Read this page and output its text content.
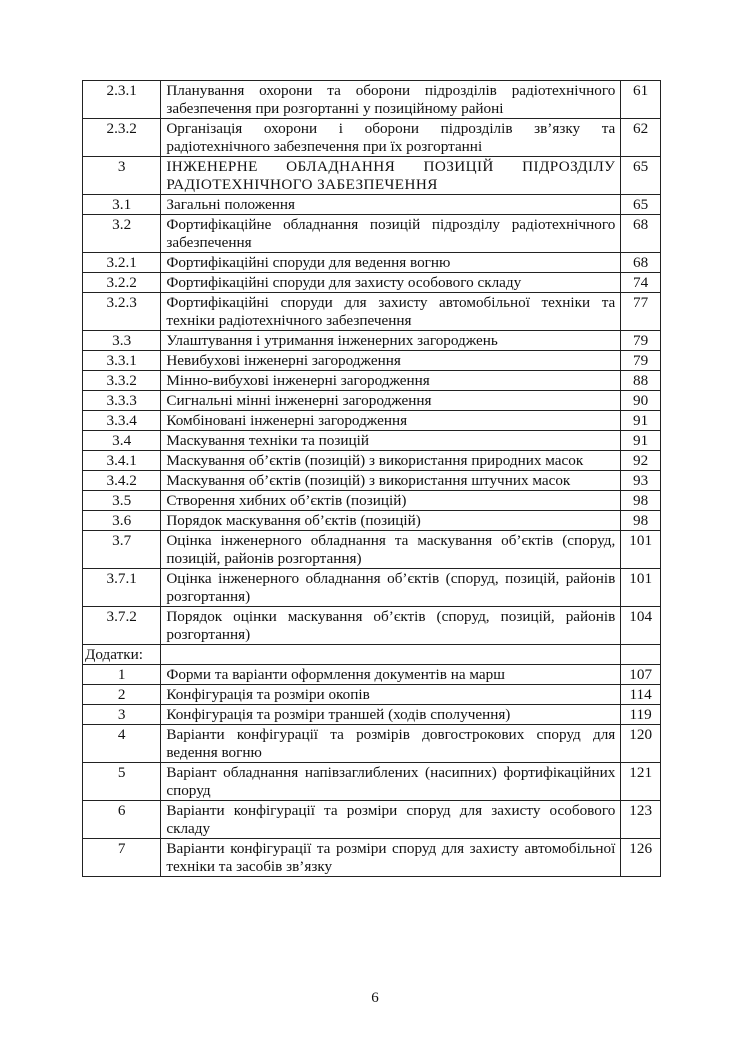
2.3.1	Планування охорони та оборони підрозділів радіотехнічного забезпечення при розгортанні у позиційному районі	61
2.3.2	Організація охорони і оборони підрозділів зв’язку та радіотехнічного забезпечення при їх розгортанні	62
3	ІНЖЕНЕРНЕ ОБЛАДНАННЯ ПОЗИЦІЙ ПІДРОЗДІЛУ РАДІОТЕХНІЧНОГО ЗАБЕЗПЕЧЕННЯ	65
3.1	Загальні положення	65
3.2	Фортифікаційне обладнання позицій підрозділу радіотехнічного забезпечення	68
3.2.1	Фортифікаційні споруди для ведення вогню	68
3.2.2	Фортифікаційні споруди для захисту особового складу	74
3.2.3	Фортифікаційні споруди для захисту автомобільної техніки та техніки радіотехнічного забезпечення	77
3.3	Улаштування і утримання інженерних загороджень	79
3.3.1	Невибухові інженерні загородження	79
3.3.2	Мінно-вибухові інженерні загородження	88
3.3.3	Сигнальні мінні інженерні загородження	90
3.3.4	Комбіновані інженерні загородження	91
3.4	Маскування техніки та позицій	91
3.4.1	Маскування об’єктів (позицій) з використання природних масок	92
3.4.2	Маскування об’єктів (позицій) з використання штучних масок	93
3.5	Створення хибних об’єктів (позицій)	98
3.6	Порядок маскування об’єктів (позицій)	98
3.7	Оцінка інженерного обладнання та маскування об’єктів (споруд, позицій, районів розгортання)	101
3.7.1	Оцінка інженерного обладнання об’єктів (споруд, позицій, районів розгортання)	101
3.7.2	Порядок оцінки маскування об’єктів (споруд, позицій, районів розгортання)	104
Додатки:		
1	Форми та варіанти оформлення документів на марш	107
2	Конфігурація та розміри окопів	114
3	Конфігурація та розміри траншей (ходів сполучення)	119
4	Варіанти конфігурації та розмірів довгострокових споруд для ведення вогню	120
5	Варіант обладнання напівзаглиблених (насипних) фортифікаційних споруд	121
6	Варіанти конфігурації та розміри споруд для захисту особового складу	123
7	Варіанти конфігурації та розміри споруд для захисту автомобільної техніки та засобів зв’язку	126
6
